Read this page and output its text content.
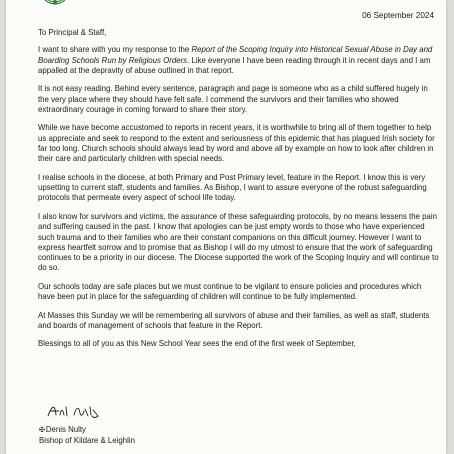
06 September 2024

To Principal & Staff,

I want to share with you my response to the Report of the Scoping Inquiry into Historical Sexual Abuse in Day and Boarding Schools Run by Religious Orders. Like everyone I have been reading through it in recent days and I am appalled at the depravity of abuse outlined in that report.

It is not easy reading. Behind every sentence, paragraph and page is someone who as a child suffered hugely in the very place where they should have felt safe. I commend the survivors and their families who showed extraordinary courage in coming forward to share their story.

While we have become accustomed to reports in recent years, it is worthwhile to bring all of them together to help us appreciate and seek to respond to the extent and seriousness of this epidemic that has plagued Irish society for far too long. Church schools should always lead by word and above all by example on how to look after children in their care and particularly children with special needs.

I realise schools in the diocese, at both Primary and Post Primary level, feature in the Report. I know this is very upsetting to current staff, students and families. As Bishop, I want to assure everyone of the robust safeguarding protocols that permeate every aspect of school life today.

I also know for survivors and victims, the assurance of these safeguarding protocols, by no means lessens the pain and suffering caused in the past. I know that apologies can be just empty words to those who have experienced such trauma and to their families who are their constant companions on this difficult journey. However I want to express heartfelt sorrow and to promise that as Bishop I will do my utmost to ensure that the work of safeguarding continues to be a priority in our diocese. The Diocese supported the work of the Scoping Inquiry and will continue to do so.

Our schools today are safe places but we must continue to be vigilant to ensure policies and procedures which have been put in place for the safeguarding of children will continue to be fully implemented.

At Masses this Sunday we will be remembering all survivors of abuse and their families, as well as staff, students and boards of management of schools that feature in the Report.

Blessings to all of you as this New School Year sees the end of the first week of September,

✠Denis Nulty
Bishop of Kildare & Leighlin
